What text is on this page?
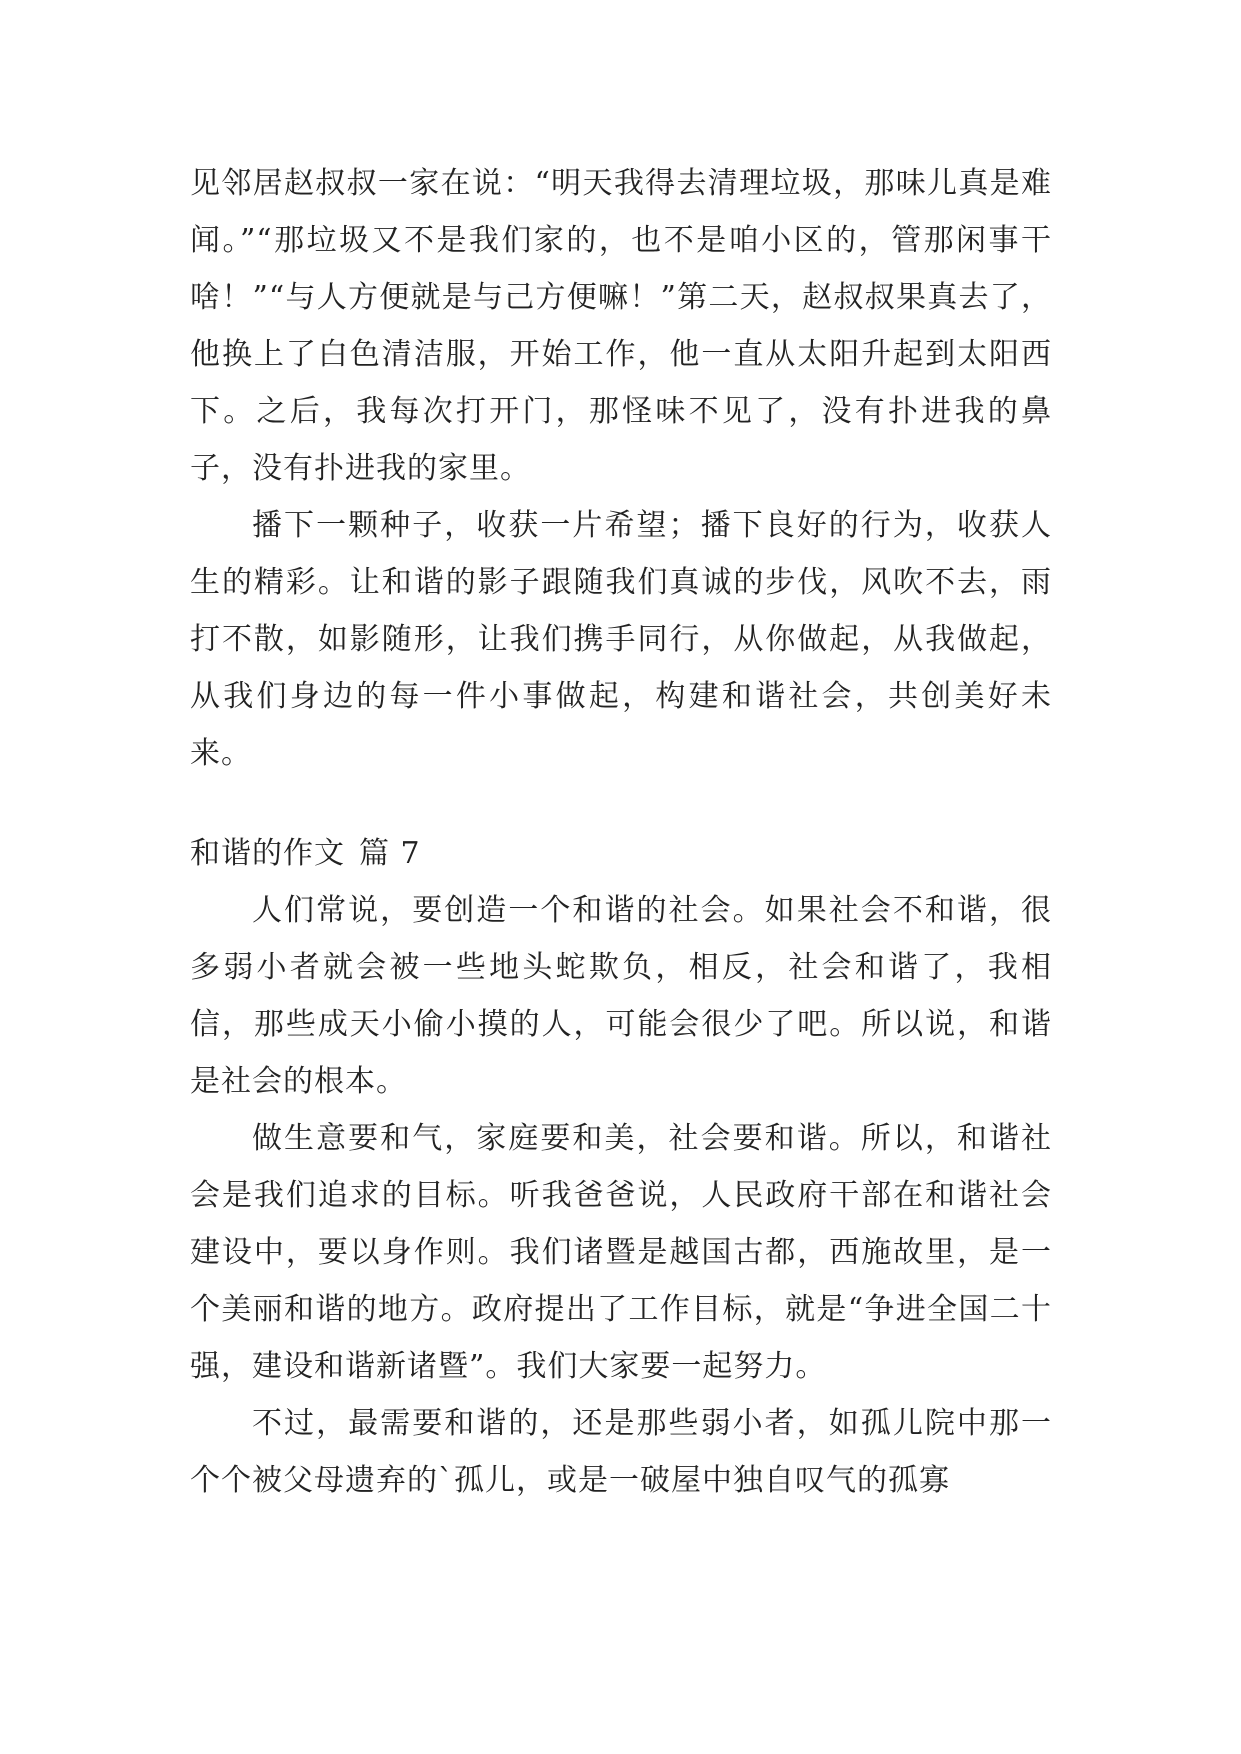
见邻居赵叔叔一家在说：“明天我得去清理垃圾，那味儿真是难闻。”“那垃圾又不是我们家的，也不是咱小区的，管那闲事干啥！”“与人方便就是与己方便嘛！”第二天，赵叔叔果真去了，他换上了白色清洁服，开始工作，他一直从太阳升起到太阳西下。之后，我每次打开门，那怪味不见了，没有扑进我的鼻子，没有扑进我的家里。

播下一颗种子，收获一片希望；播下良好的行为，收获人生的精彩。让和谐的影子跟随我们真诚的步伐，风吹不去，雨打不散，如影随形，让我们携手同行，从你做起，从我做起，从我们身边的每一件小事做起，构建和谐社会，共创美好未来。

和谐的作文 篇 7

人们常说，要创造一个和谐的社会。如果社会不和谐，很多弱小者就会被一些地头蛇欺负，相反，社会和谐了，我相信，那些成天小偷小摸的人，可能会很少了吧。所以说，和谐是社会的根本。

做生意要和气，家庭要和美，社会要和谐。所以，和谐社会是我们追求的目标。听我爸爸说，人民政府干部在和谐社会建设中，要以身作则。我们诸暨是越国古都，西施故里，是一个美丽和谐的地方。政府提出了工作目标，就是“争进全国二十强，建设和谐新诸暨”。我们大家要一起努力。

不过，最需要和谐的，还是那些弱小者，如孤儿院中那一个个被父母遗弃的`孤儿，或是一破屋中独自叹气的孤寡
